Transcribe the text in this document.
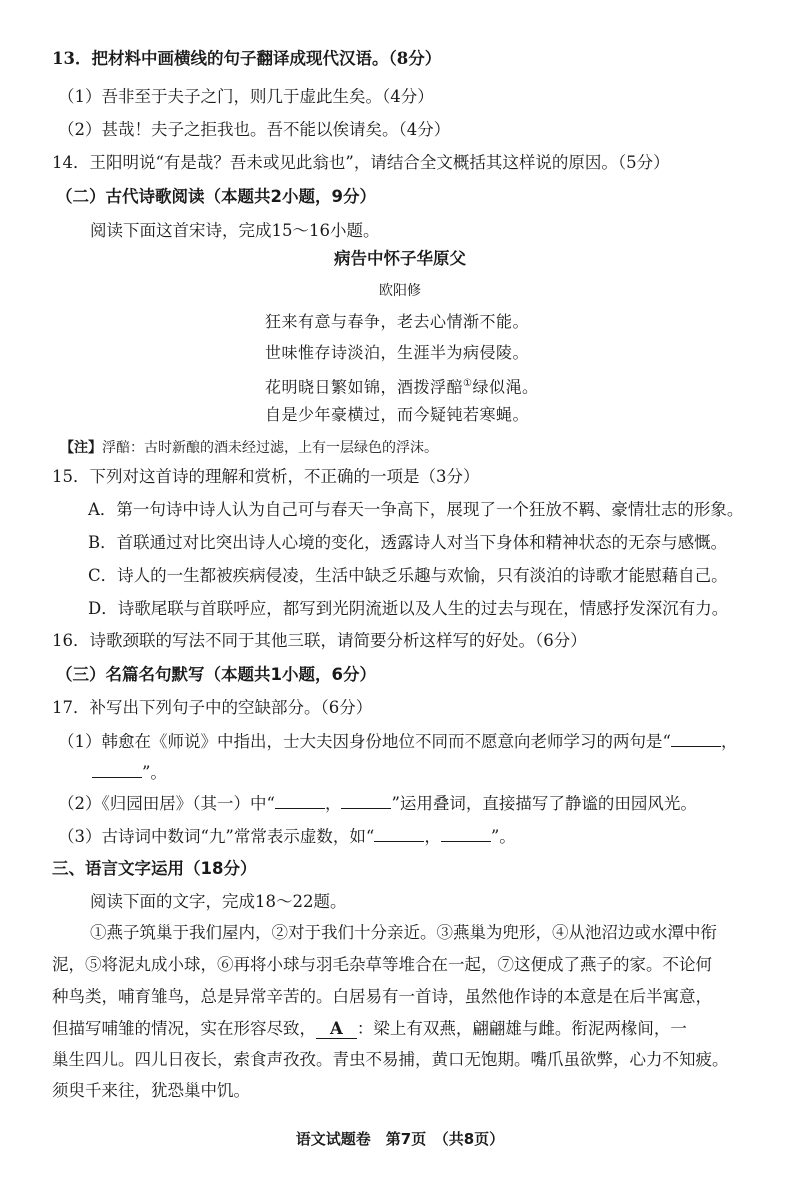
13．把材料中画横线的句子翻译成现代汉语。（8分）
（1）吾非至于夫子之门，则几于虚此生矣。（4分）
（2）甚哉！夫子之拒我也。吾不能以俟请矣。（4分）
14．王阳明说“有是哉？吾未或见此翁也”，请结合全文概括其这样说的原因。（5分）
（二）古代诗歌阅读（本题共2小题，9分）
阅读下面这首宋诗，完成15～16小题。
病告中怀子华原父
欧阳修
狂来有意与春争，老去心情渐不能。
世味惟存诗淡泊，生涯半为病侵陵。
花明晓日繁如锦，酒拨浮醅①绿似渑。
自是少年豪横过，而今疑钝若寒蝇。
【注】浮醅：古时新酿的酒未经过滤，上有一层绿色的浮沫。
15．下列对这首诗的理解和赏析，不正确的一项是（3分）
A．第一句诗中诗人认为自己可与春天一争高下，展现了一个狂放不羁、豪情壮志的形象。
B．首联通过对比突出诗人心境的变化，透露诗人对当下身体和精神状态的无奈与感慨。
C．诗人的一生都被疾病侵凌，生活中缺乏乐趣与欢愉，只有淡泊的诗歌才能慰藉自己。
D．诗歌尾联与首联呼应，都写到光阴流逝以及人生的过去与现在，情感抒发深沉有力。
16．诗歌颈联的写法不同于其他三联，请简要分析这样写的好处。（6分）
（三）名篇名句默写（本题共1小题，6分）
17．补写出下列句子中的空缺部分。（6分）
（1）韩愈在《师说》中指出，士大夫因身份地位不同而不愿意向老师学习的两句是“	，
”。
（2）《归园田居》（其一）中“	，	”运用叠词，直接描写了静谧的田园风光。
（3）古诗词中数词“九”常常表示虚数，如“	，	”。
三、语言文字运用（18分）
阅读下面的文字，完成18～22题。
①燕子筑巢于我们屋内，②对于我们十分亲近。③燕巢为兜形，④从池沼边或水潭中衔
泥，⑤将泥丸成小球，⑥再将小球与羽毛杂草等堆合在一起，⑦这便成了燕子的家。不论何
种鸟类，哺育雏鸟，总是异常辛苦的。白居易有一首诗，虽然他作诗的本意是在后半寓意，
但描写哺雏的情况，实在形容尽致， A ：梁上有双燕，翩翩雄与雌。衔泥两椽间，一
巢生四儿。四儿日夜长，索食声孜孜。青虫不易捕，黄口无饱期。嘴爪虽欲弊，心力不知疲。
须臾千来往，犹恐巢中饥。
语文试题卷　第7页　（共8页）
